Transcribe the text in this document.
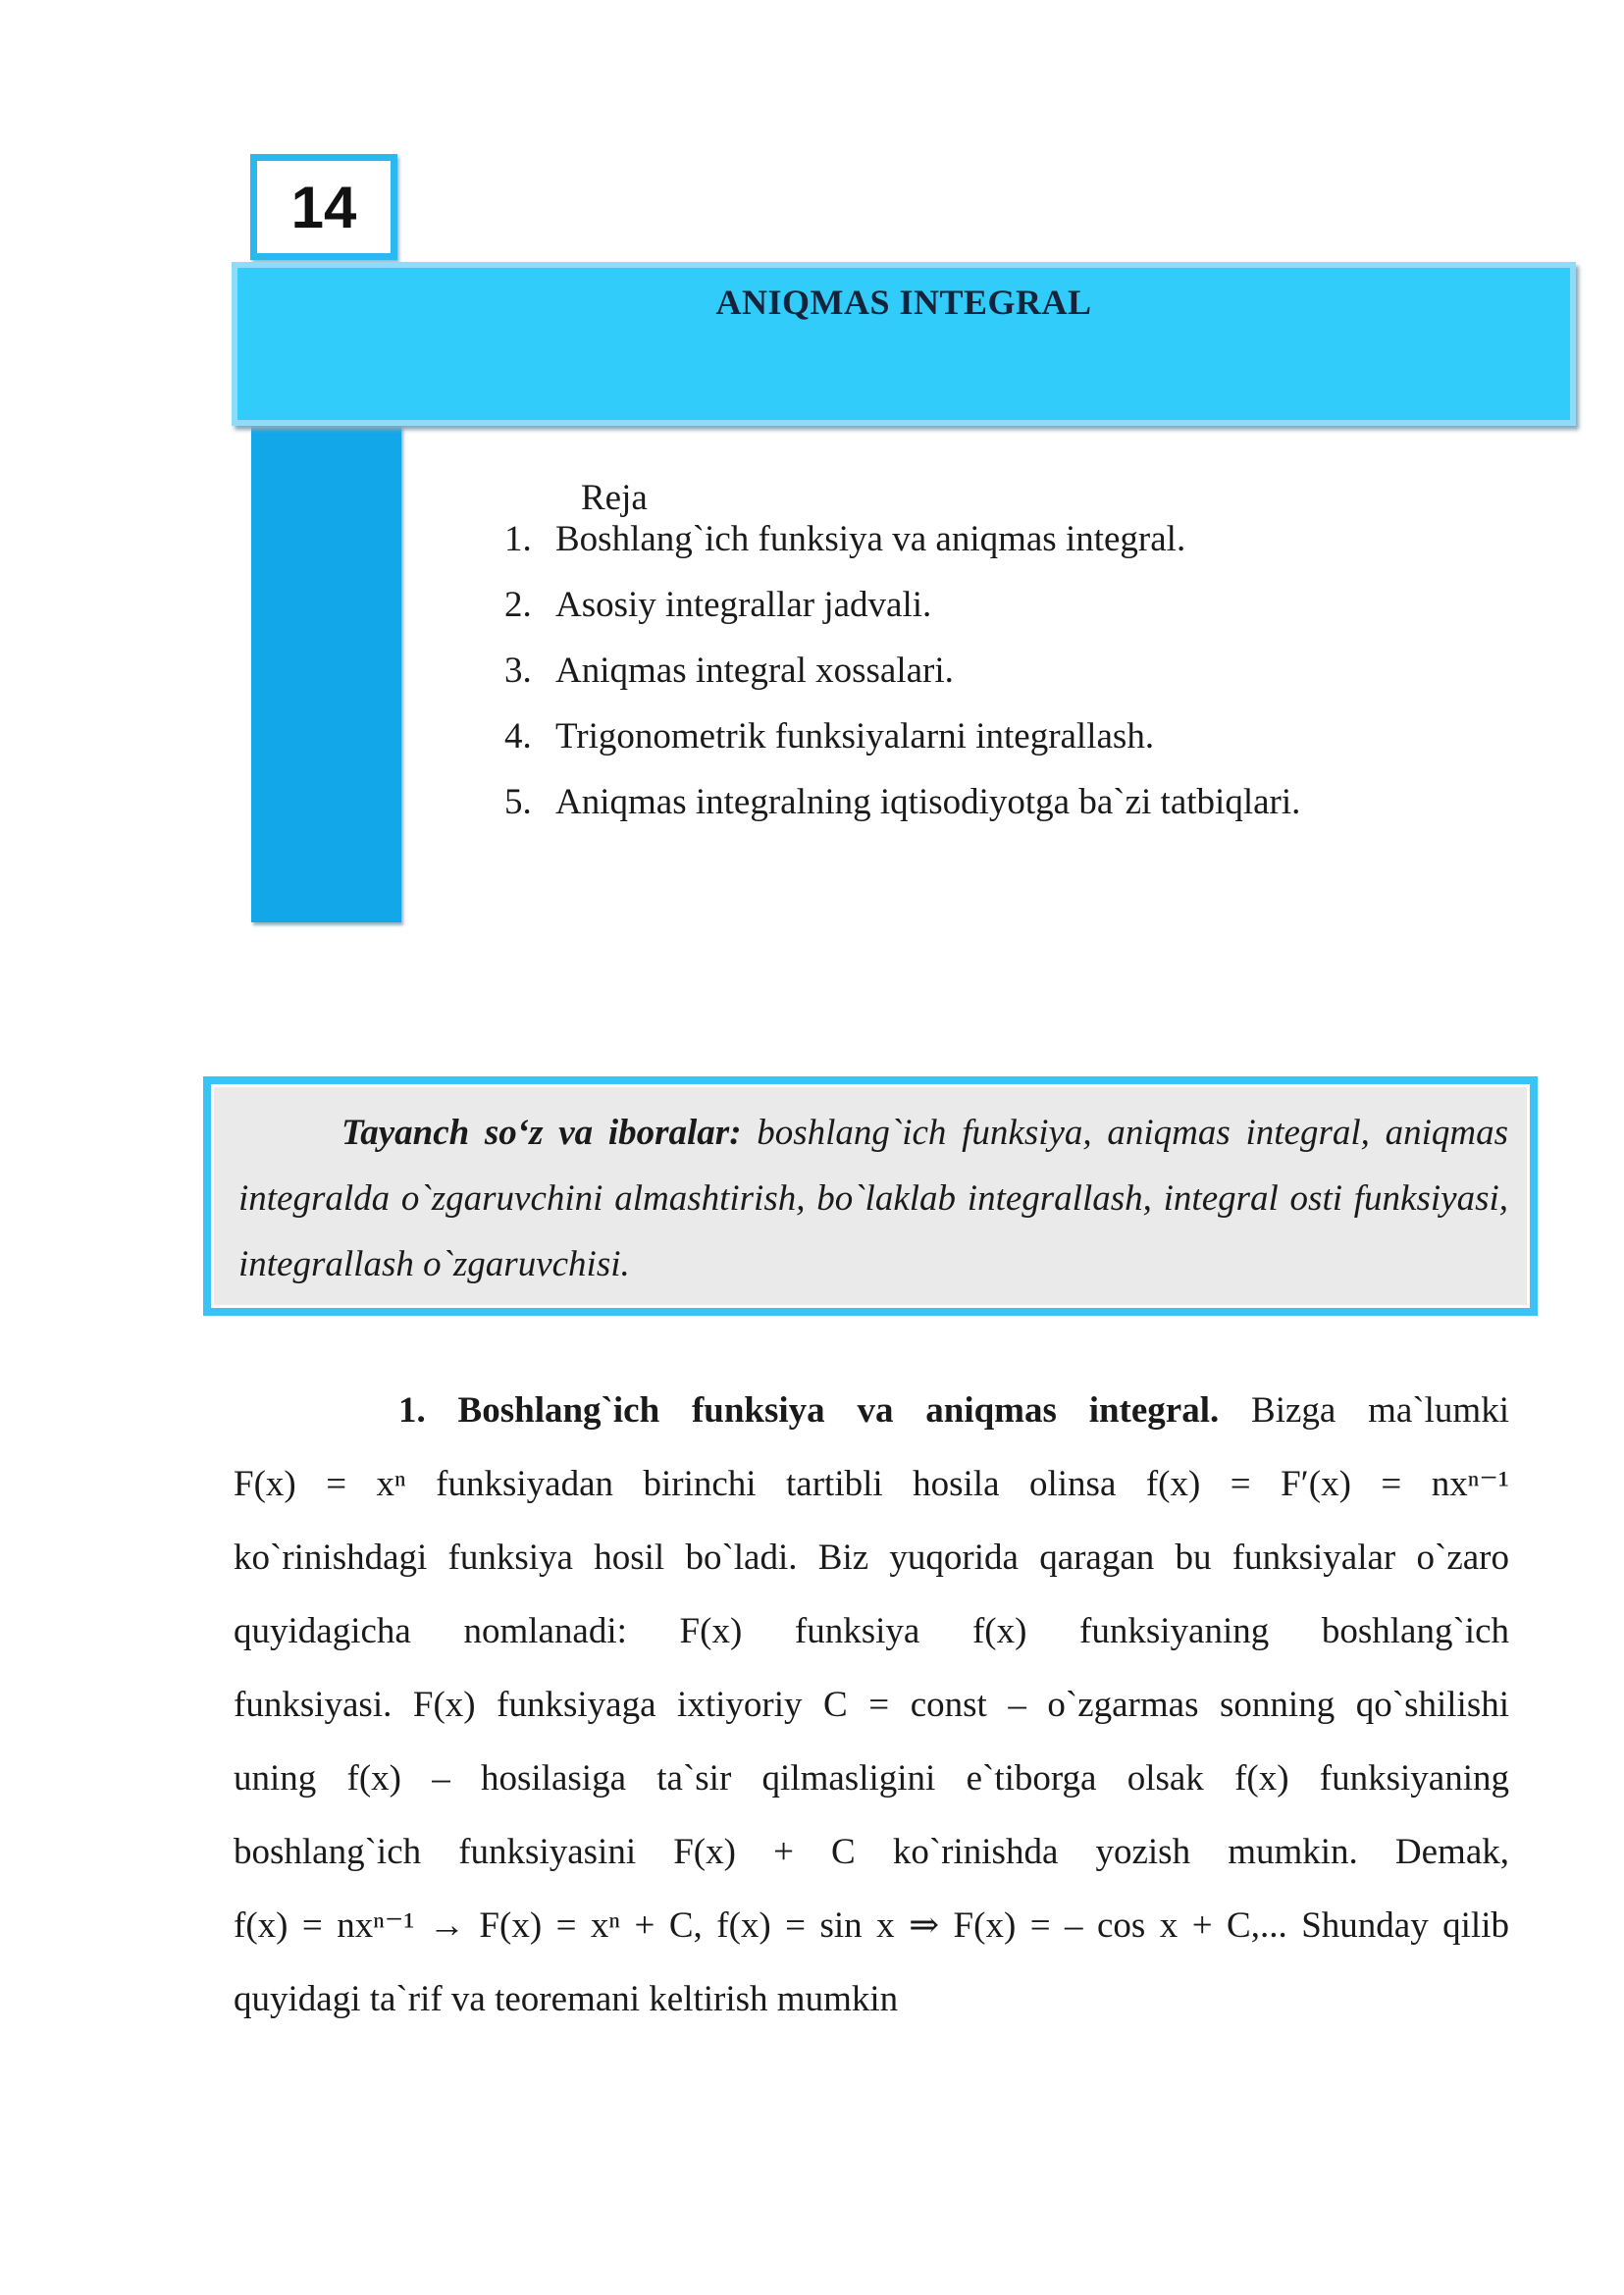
14
ANIQMAS INTEGRAL
Reja
1. Boshlang`ich funksiya va aniqmas integral.
2. Asosiy integrallar jadvali.
3. Aniqmas integral xossalari.
4. Trigonometrik funksiyalarni integrallash.
5. Aniqmas integralning iqtisodiyotga ba`zi tatbiqlari.

Tayanch so‘z va iboralar: boshlang`ich funksiya, aniqmas integral, aniqmas integralda o`zgaruvchini almashtirish, bo`laklab integrallash, integral osti funksiyasi, integrallash o`zgaruvchisi.

1. Boshlang`ich funksiya va aniqmas integral. Bizga ma`lumki
F(x) = xⁿ funksiyadan birinchi tartibli hosila olinsa f(x) = F′(x) = nxⁿ⁻¹
ko`rinishdagi funksiya hosil bo`ladi. Biz yuqorida qaragan bu funksiyalar o`zaro
quyidagicha nomlanadi: F(x) funksiya f(x) funksiyaning boshlang`ich
funksiyasi. F(x) funksiyaga ixtiyoriy C = const – o`zgarmas sonning qo`shilishi
uning f(x) – hosilasiga ta`sir qilmasligini e`tiborga olsak f(x) funksiyaning
boshlang`ich funksiyasini F(x) + C ko`rinishda yozish mumkin. Demak,
f(x) = nxⁿ⁻¹ → F(x) = xⁿ + C, f(x) = sin x ⇒ F(x) = – cos x + C,... Shunday qilib
quyidagi ta`rif va teoremani keltirish mumkin
